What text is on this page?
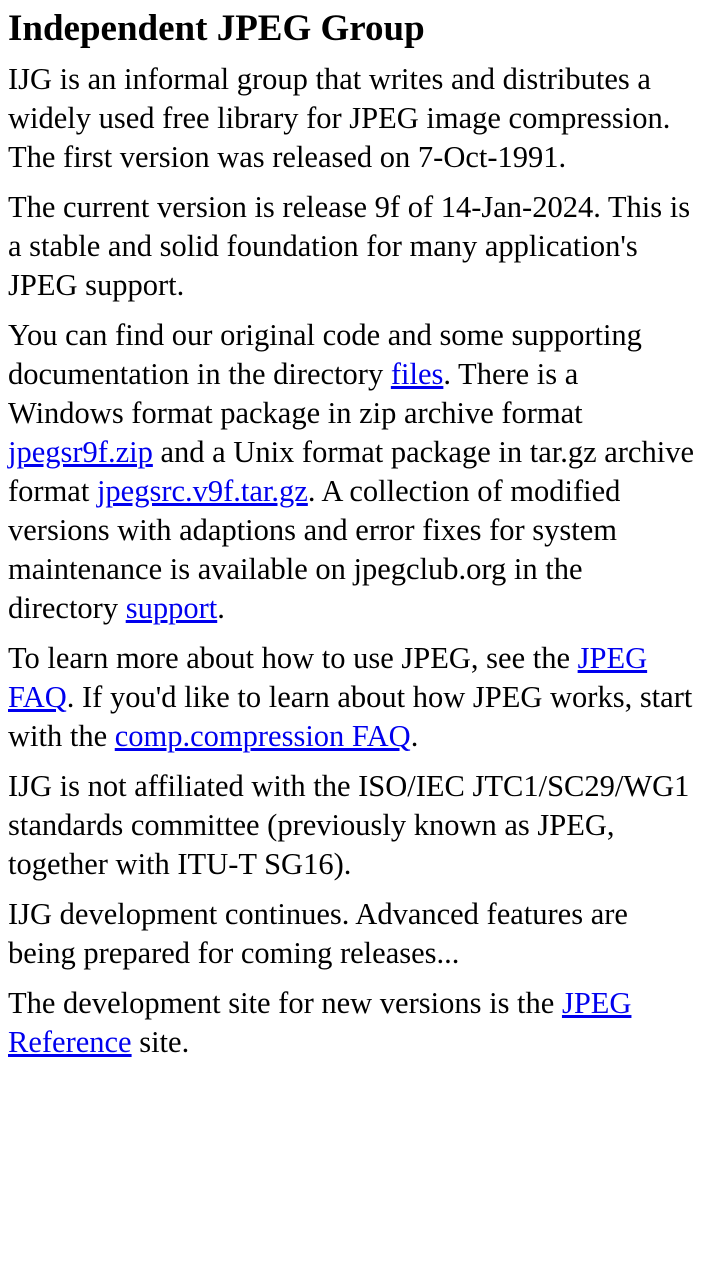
Independent JPEG Group

IJG is an informal group that writes and distributes a widely used free library for JPEG image compression. The first version was released on 7-Oct-1991.

The current version is release 9f of 14-Jan-2024. This is a stable and solid foundation for many application's JPEG support.

You can find our original code and some supporting documentation in the directory files. There is a Windows format package in zip archive format jpegsr9f.zip and a Unix format package in tar.gz archive format jpegsrc.v9f.tar.gz. A collection of modified versions with adaptions and error fixes for system maintenance is available on jpegclub.org in the directory support.

To learn more about how to use JPEG, see the JPEG FAQ. If you'd like to learn about how JPEG works, start with the comp.compression FAQ.

IJG is not affiliated with the ISO/IEC JTC1/SC29/WG1 standards committee (previously known as JPEG, together with ITU-T SG16).

IJG development continues. Advanced features are being prepared for coming releases...

The development site for new versions is the JPEG Reference site.
